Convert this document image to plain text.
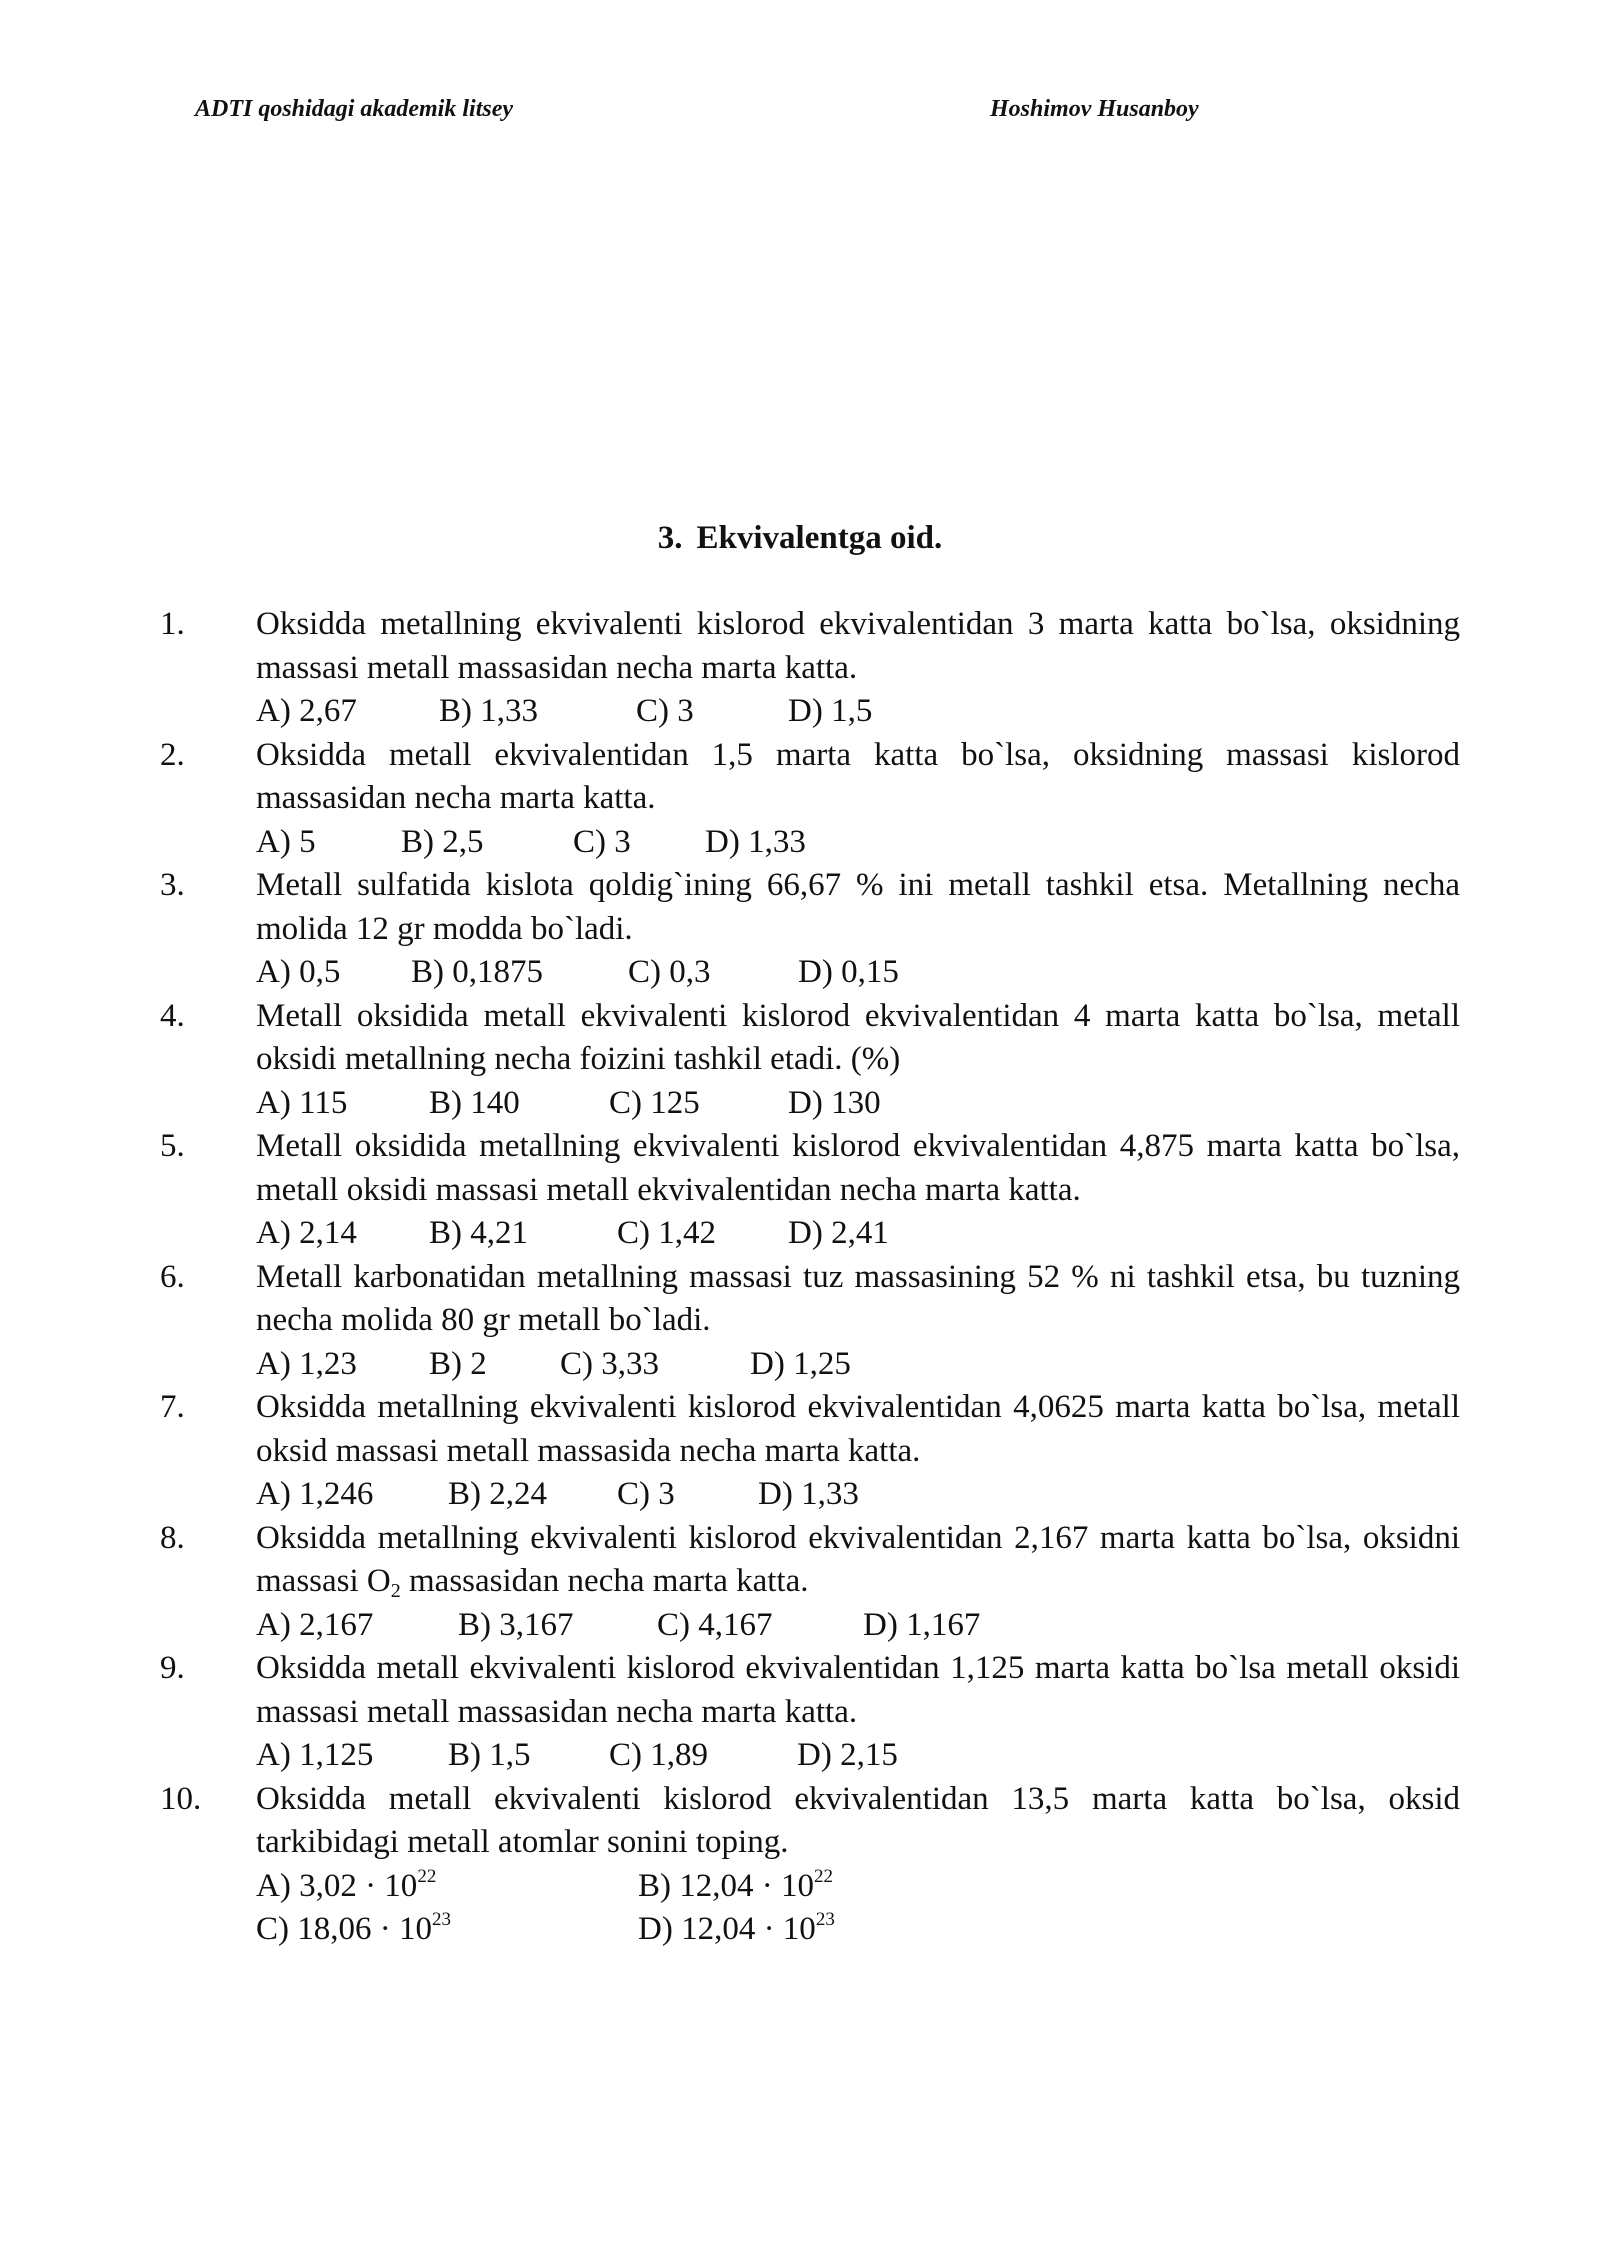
ADTI qoshidagi akademik litsey	Hoshimov Husanboy
3. Ekvivalentga oid.
1. Oksidda metallning ekvivalenti kislorod ekvivalentidan 3 marta katta bo`lsa, oksidning massasi metall massasidan necha marta katta.
A) 2,67 B) 1,33	C) 3	D) 1,5
2. Oksidda metall ekvivalentidan 1,5 marta katta bo`lsa, oksidning massasi kislorod massasidan necha marta katta.
A) 5	B) 2,5	C) 3 D) 1,33
3. Metall sulfatida kislota qoldig`ining 66,67 % ini metall tashkil etsa. Metallning necha molida 12 gr modda bo`ladi.
A) 0,5 B) 0,1875	C) 0,3	D) 0,15
4. Metall oksidida metall ekvivalenti kislorod ekvivalentidan 4 marta katta bo`lsa, metall oksidi metallning necha foizini tashkil etadi. (%)
A) 115 B) 140	C) 125	D) 130
5. Metall oksidida metallning ekvivalenti kislorod ekvivalentidan 4,875 marta katta bo`lsa, metall oksidi massasi metall ekvivalentidan necha marta katta.
A) 2,14 B) 4,21	C) 1,42 D) 2,41
6. Metall karbonatidan metallning massasi tuz massasining 52 % ni tashkil etsa, bu tuzning necha molida 80 gr metall bo`ladi.
A) 1,23 B) 2 C) 3,33	D) 1,25
7. Oksidda metallning ekvivalenti kislorod ekvivalentidan 4,0625 marta katta bo`lsa, metall oksid massasi metall massasida necha marta katta.
A) 1,246 B) 2,24 C) 3	D) 1,33
8. Oksidda metallning ekvivalenti kislorod ekvivalentidan 2,167 marta katta bo`lsa, oksidni massasi $O_2$ massasidan necha marta katta.
A) 2,167	B) 3,167	C) 4,167	D) 1,167
9. Oksidda metall ekvivalenti kislorod ekvivalentidan 1,125 marta katta bo`lsa metall oksidi massasi metall massasidan necha marta katta.
A) 1,125 B) 1,5 C) 1,89	D) 2,15
10. Oksidda metall ekvivalenti kislorod ekvivalentidan 13,5 marta katta bo`lsa, oksid tarkibidagi metall atomlar sonini toping.
A) $3,02 \cdot 10^{22}$	B) $12,04 \cdot 10^{22}$
C) $18,06 \cdot 10^{23}$	D) $12,04 \cdot 10^{23}$
